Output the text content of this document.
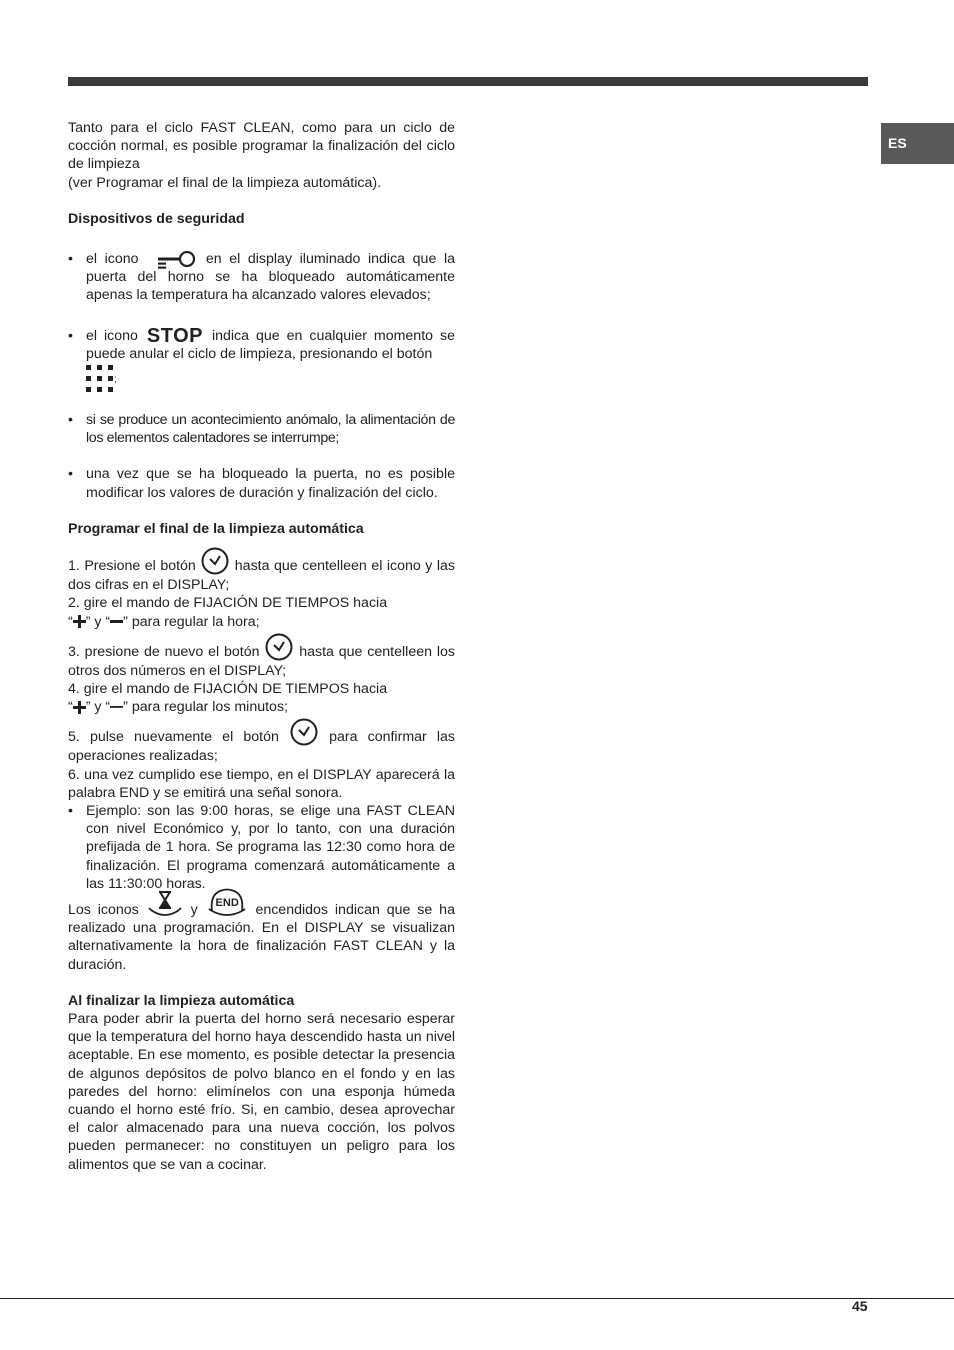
ES

Tanto para el ciclo FAST CLEAN, como para un ciclo de cocción normal, es posible programar la finalización del ciclo de limpieza

(ver Programar el final de la limpieza automática).

Dispositivos de seguridad

• el icono	en el display iluminado indica que la puerta del horno se ha bloqueado automáticamente apenas la temperatura ha alcanzado valores elevados;
• el icono STOP indica que en cualquier momento se puede anular el ciclo de limpieza, presionando el botón

;
• si se produce un acontecimiento anómalo, la alimentación de los elementos calentadores se interrumpe;
• una vez que se ha bloqueado la puerta, no es posible modificar los valores de duración y finalización del ciclo.

Programar el final de la limpieza automática

1. Presione el botón	hasta que centelleen el icono y las dos cifras en el DISPLAY;

2. gire el mando de FIJACIÓN DE TIEMPOS hacia
“ ” y “ ” para regular la hora;

3. presione de nuevo el botón	hasta que centelleen los otros dos números en el DISPLAY;

4. gire el mando de FIJACIÓN DE TIEMPOS hacia
“ ” y “ ” para regular los minutos;

5. pulse nuevamente el botón	para confirmar las operaciones realizadas;

6. una vez cumplido ese tiempo, en el DISPLAY aparecerá la palabra END y se emitirá una señal sonora.

• Ejemplo: son las 9:00 horas, se elige una FAST CLEAN con nivel Económico y, por lo tanto, con una duración prefijada de 1 hora. Se programa las 12:30 como hora de finalización. El programa comenzará automáticamente a las 11:30:00 horas.

Los iconos	y END encendidos indican que se ha realizado una programación. En el DISPLAY se visualizan alternativamente la hora de finalización FAST CLEAN y la duración.

Al finalizar la limpieza automática

Para poder abrir la puerta del horno será necesario esperar que la temperatura del horno haya descendido hasta un nivel aceptable. En ese momento, es posible detectar la presencia de algunos depósitos de polvo blanco en el fondo y en las paredes del horno: elimínelos con una esponja húmeda cuando el horno esté frío. Si, en cambio, desea aprovechar el calor almacenado para una nueva cocción, los polvos pueden permanecer: no constituyen un peligro para los alimentos que se van a cocinar.

45
